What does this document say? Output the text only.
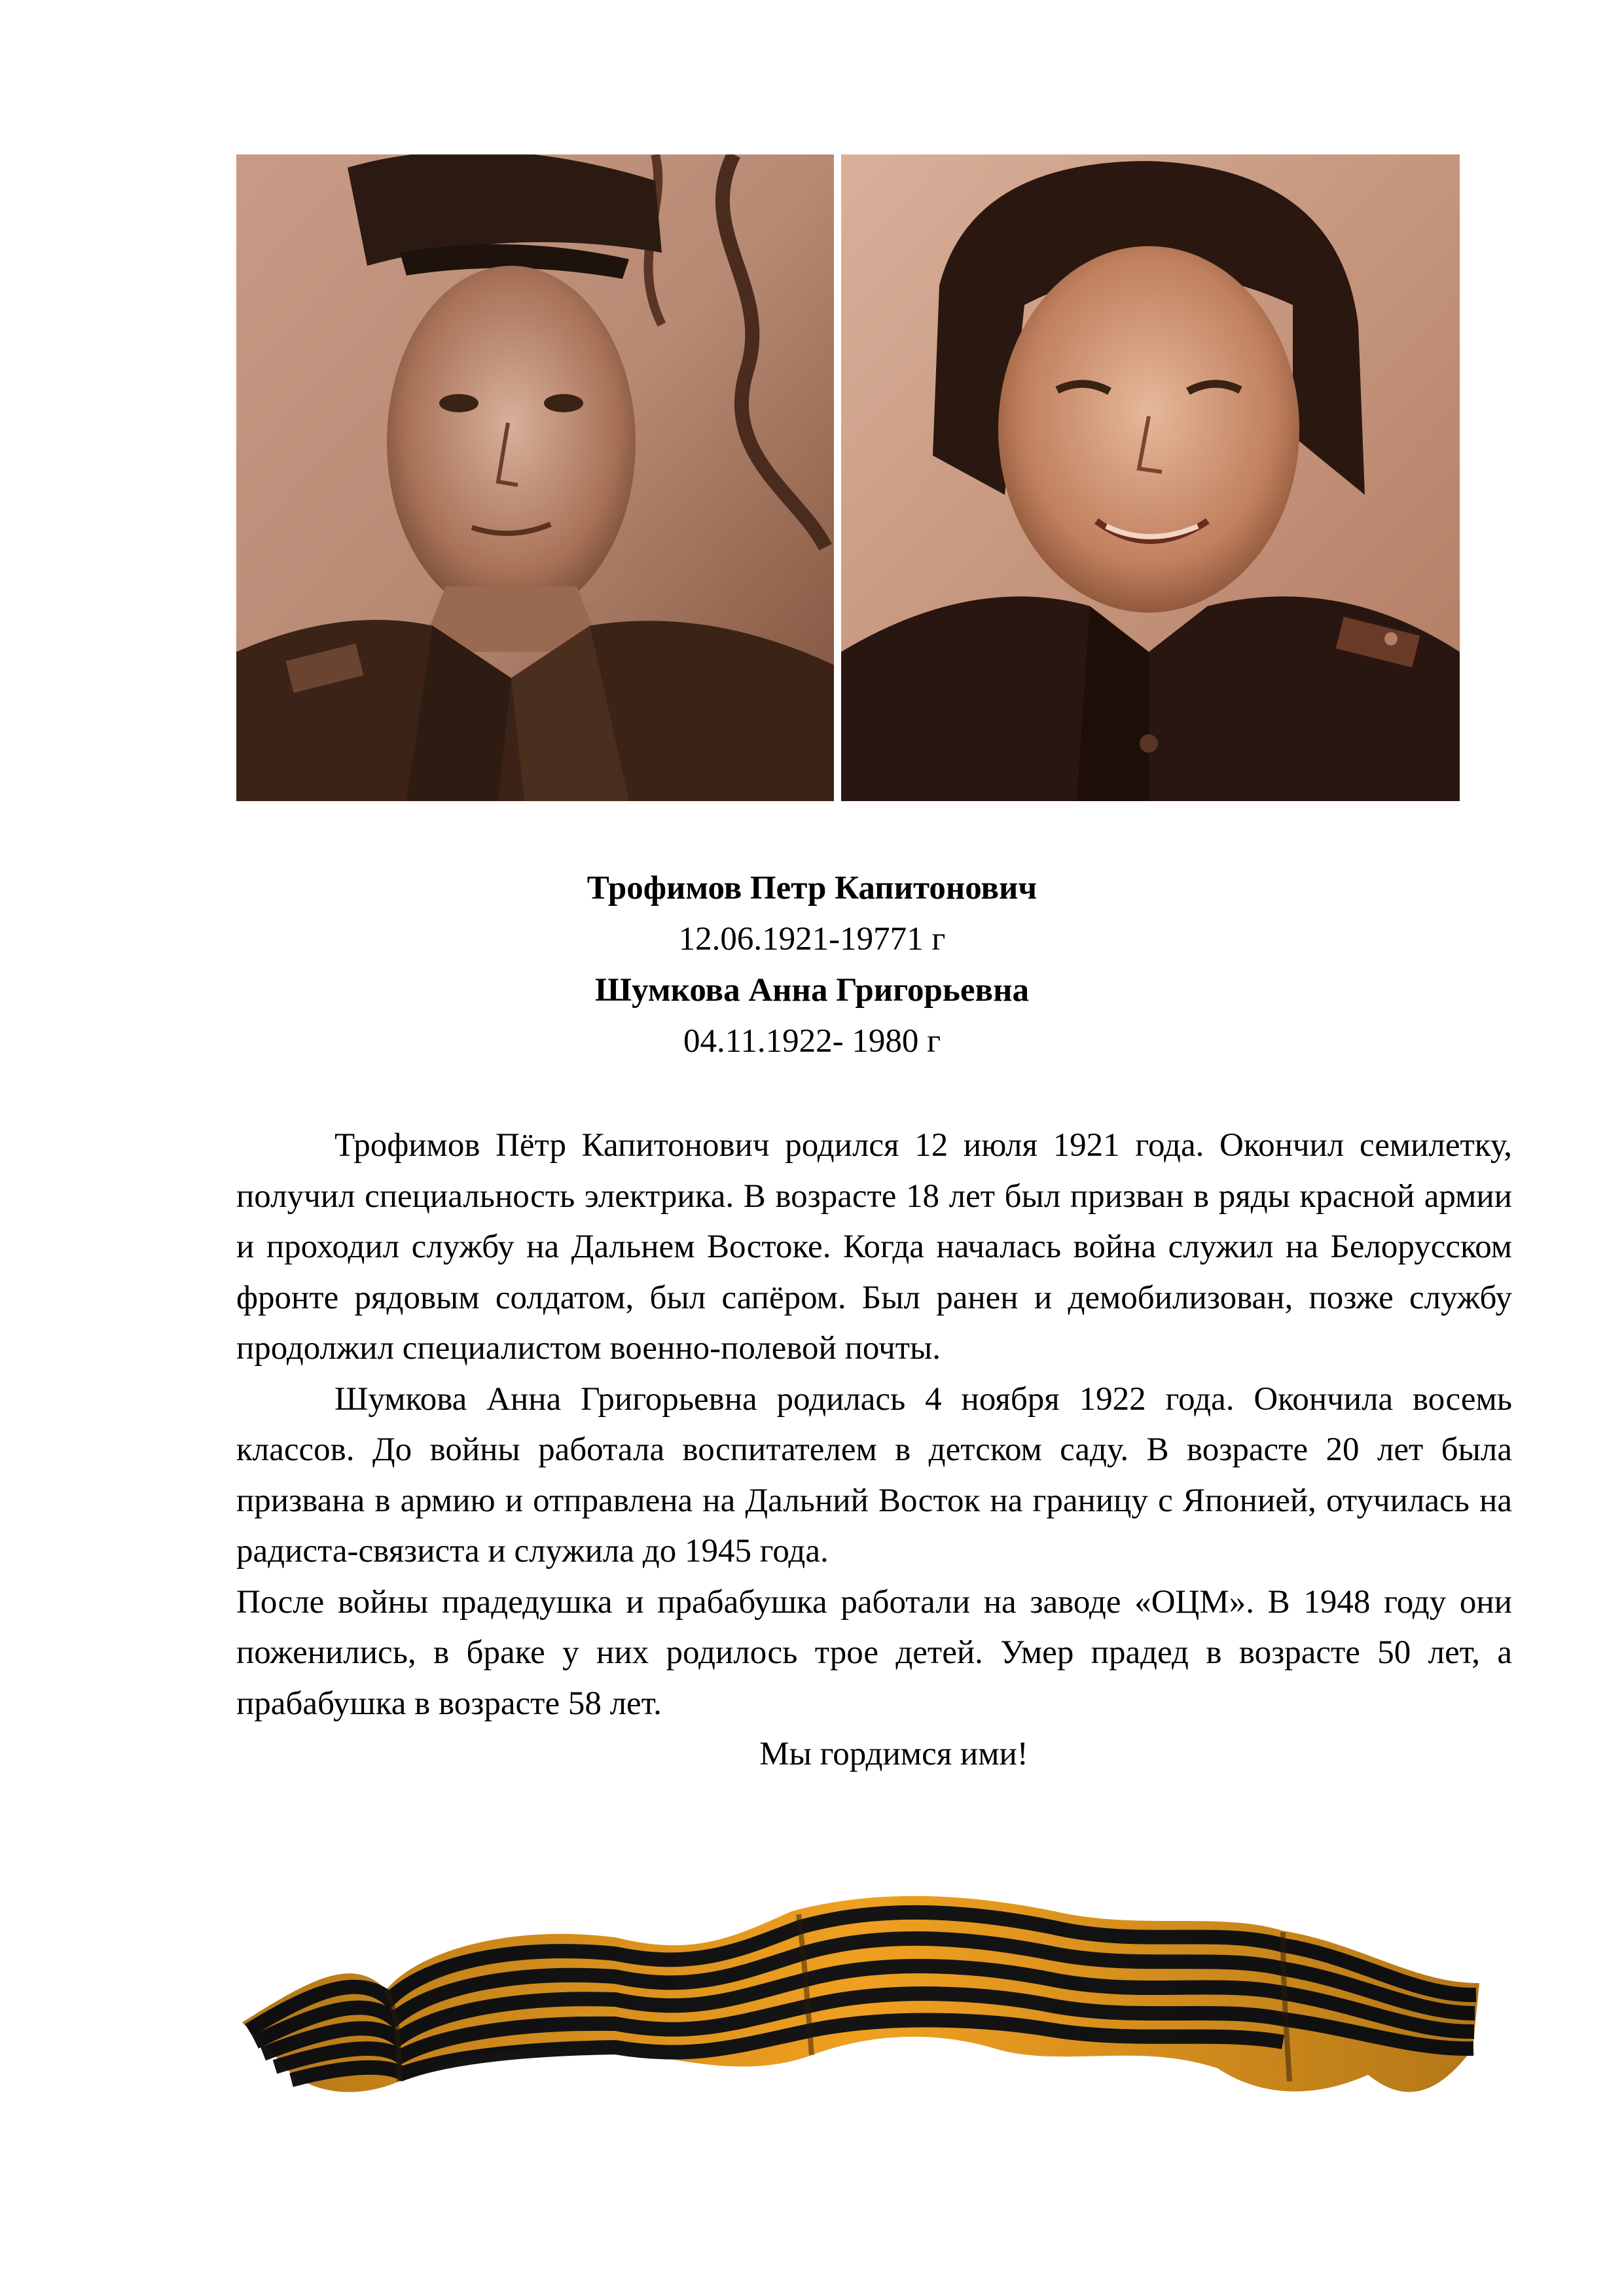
Трофимов Петр Капитонович
12.06.1921-19771 г
Шумкова Анна Григорьевна
04.11.1922- 1980 г

Трофимов Пётр Капитонович родился 12 июля 1921 года. Окончил семилетку, получил специальность электрика. В возрасте 18 лет был призван в ряды красной армии и проходил службу на Дальнем Востоке. Когда началась война служил на Белорусском фронте рядовым солдатом, был сапёром. Был ранен и демобилизован, позже службу продолжил специалистом военно-полевой почты.

Шумкова Анна Григорьевна родилась 4 ноября 1922 года. Окончила восемь классов. До войны работала воспитателем в детском саду. В возрасте 20 лет была призвана в армию и отправлена на Дальний Восток на границу с Японией, отучилась на радиста-связиста и служила до 1945 года.

После войны прадедушка и прабабушка работали на заводе «ОЦМ». В 1948 году они поженились, в браке у них родилось трое детей. Умер прадед в возрасте 50 лет, а прабабушка в возрасте 58 лет.

Мы гордимся ими!
